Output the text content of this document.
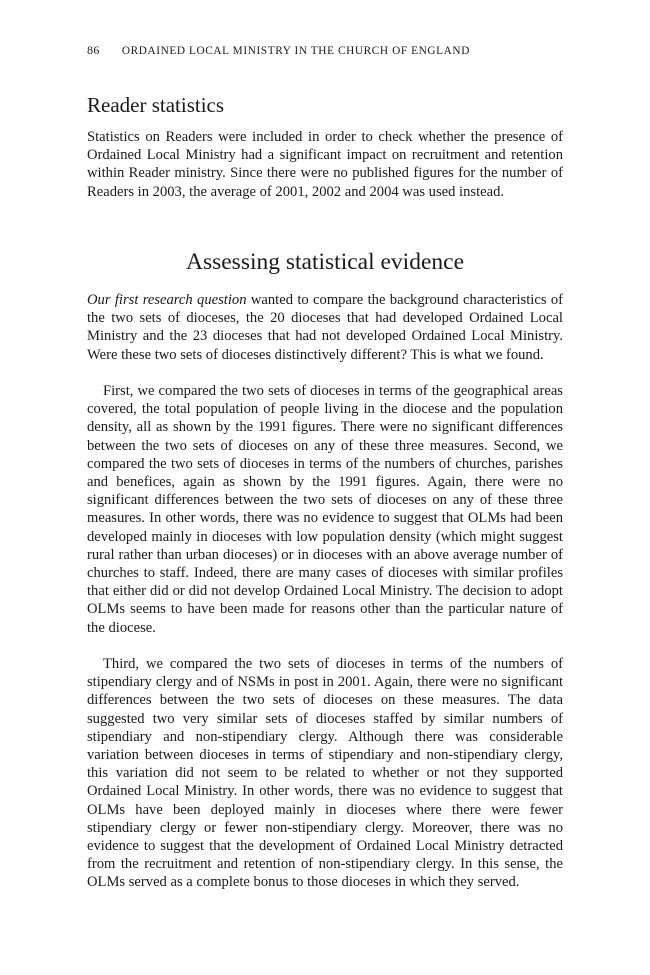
86 ORDAINED LOCAL MINISTRY IN THE CHURCH OF ENGLAND
Reader statistics

Statistics on Readers were included in order to check whether the presence of Ordained Local Ministry had a significant impact on recruitment and retention within Reader ministry. Since there were no published figures for the number of Readers in 2003, the average of 2001, 2002 and 2004 was used instead.

Assessing statistical evidence

Our first research question wanted to compare the background characteristics of the two sets of dioceses, the 20 dioceses that had developed Ordained Local Ministry and the 23 dioceses that had not developed Ordained Local Ministry. Were these two sets of dioceses distinctively different? This is what we found.

First, we compared the two sets of dioceses in terms of the geographical areas covered, the total population of people living in the diocese and the population density, all as shown by the 1991 figures. There were no significant differences between the two sets of dioceses on any of these three measures. Second, we compared the two sets of dioceses in terms of the numbers of churches, parishes and benefices, again as shown by the 1991 figures. Again, there were no significant differences between the two sets of dioceses on any of these three measures. In other words, there was no evidence to suggest that OLMs had been developed mainly in dioceses with low population density (which might suggest rural rather than urban dioceses) or in dioceses with an above average number of churches to staff. Indeed, there are many cases of dioceses with similar profiles that either did or did not develop Ordained Local Ministry. The decision to adopt OLMs seems to have been made for reasons other than the particular nature of the diocese.

Third, we compared the two sets of dioceses in terms of the numbers of stipendiary clergy and of NSMs in post in 2001. Again, there were no significant differences between the two sets of dioceses on these measures. The data suggested two very similar sets of dioceses staffed by similar numbers of stipendiary and non-stipendiary clergy. Although there was considerable variation between dioceses in terms of stipendiary and non-stipendiary clergy, this variation did not seem to be related to whether or not they supported Ordained Local Ministry. In other words, there was no evidence to suggest that OLMs have been deployed mainly in dioceses where there were fewer stipendiary clergy or fewer non-stipendiary clergy. Moreover, there was no evidence to suggest that the development of Ordained Local Ministry detracted from the recruitment and retention of non-stipendiary clergy. In this sense, the OLMs served as a complete bonus to those dioceses in which they served.
